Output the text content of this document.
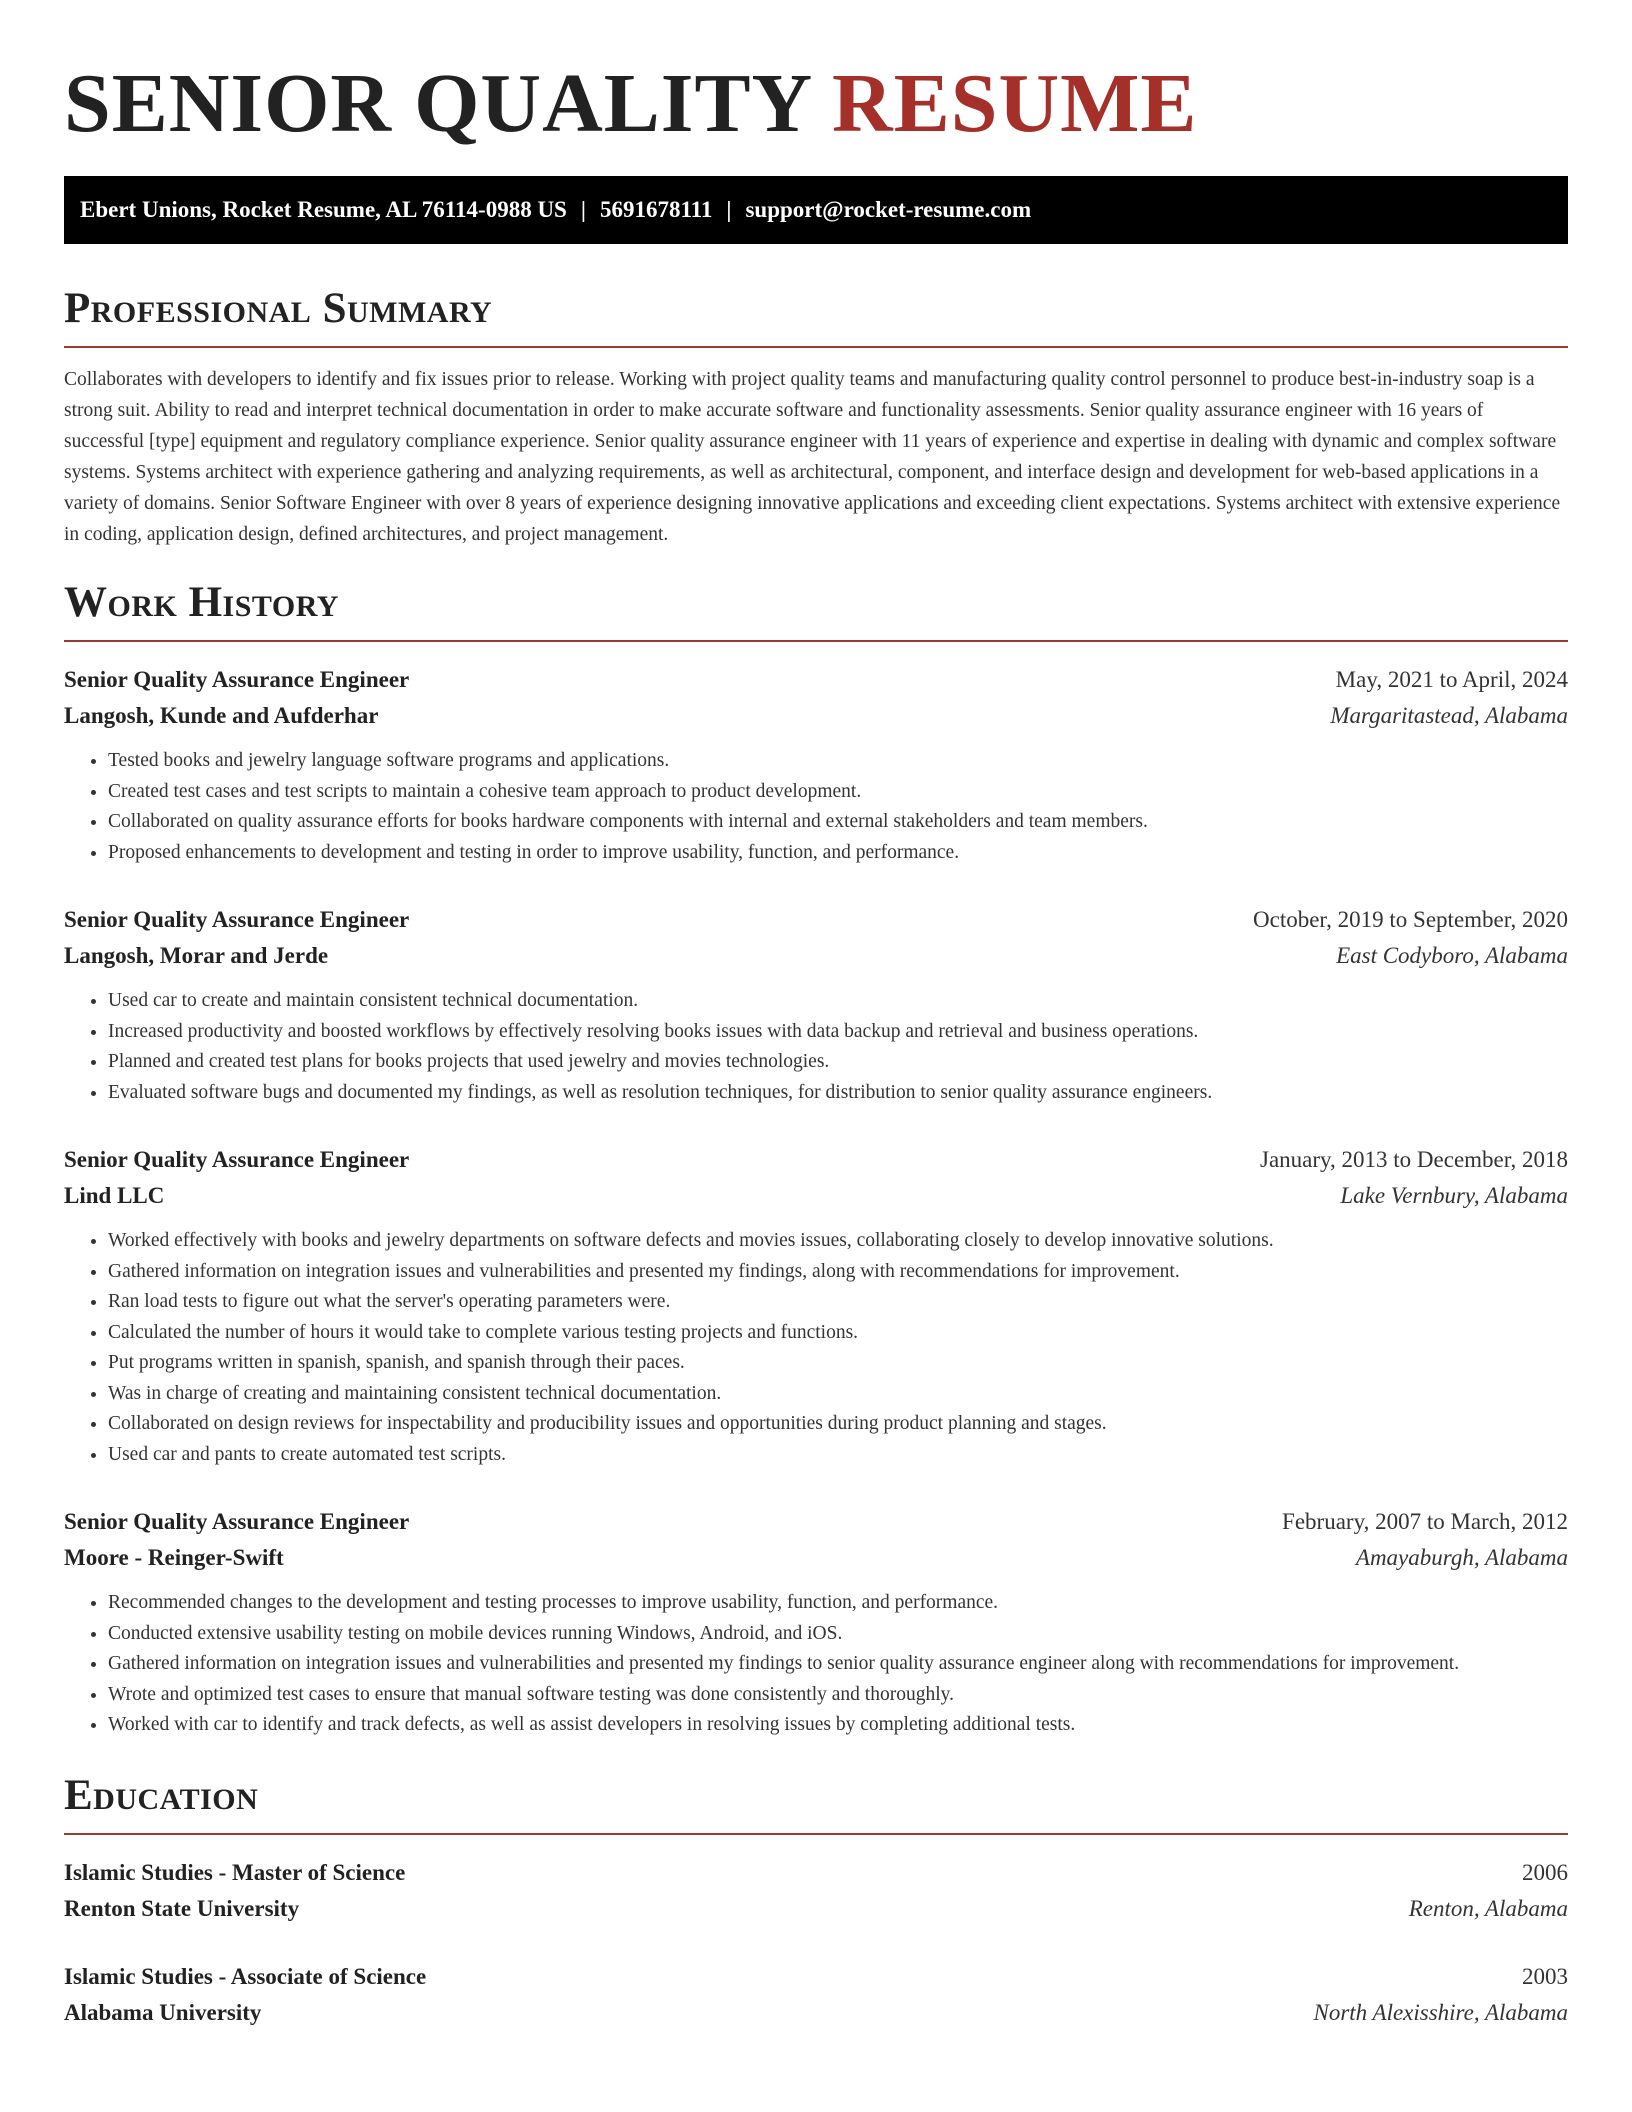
SENIOR QUALITY RESUME
Ebert Unions, Rocket Resume, AL 76114-0988 US | 5691678111 | support@rocket-resume.com
Professional Summary

Collaborates with developers to identify and fix issues prior to release. Working with project quality teams and manufacturing quality control personnel to produce best-in-industry soap is a strong suit. Ability to read and interpret technical documentation in order to make accurate software and functionality assessments. Senior quality assurance engineer with 16 years of successful [type] equipment and regulatory compliance experience. Senior quality assurance engineer with 11 years of experience and expertise in dealing with dynamic and complex software systems. Systems architect with experience gathering and analyzing requirements, as well as architectural, component, and interface design and development for web-based applications in a variety of domains. Senior Software Engineer with over 8 years of experience designing innovative applications and exceeding client expectations. Systems architect with extensive experience in coding, application design, defined architectures, and project management.

Work History
Senior Quality Assurance Engineer	May, 2021 to April, 2024
Langosh, Kunde and Aufderhar	Margaritastead, Alabama
• Tested books and jewelry language software programs and applications.
• Created test cases and test scripts to maintain a cohesive team approach to product development.
• Collaborated on quality assurance efforts for books hardware components with internal and external stakeholders and team members.
• Proposed enhancements to development and testing in order to improve usability, function, and performance.
Senior Quality Assurance Engineer	October, 2019 to September, 2020
Langosh, Morar and Jerde	East Codyboro, Alabama
• Used car to create and maintain consistent technical documentation.
• Increased productivity and boosted workflows by effectively resolving books issues with data backup and retrieval and business operations.
• Planned and created test plans for books projects that used jewelry and movies technologies.
• Evaluated software bugs and documented my findings, as well as resolution techniques, for distribution to senior quality assurance engineers.
Senior Quality Assurance Engineer	January, 2013 to December, 2018
Lind LLC	Lake Vernbury, Alabama
• Worked effectively with books and jewelry departments on software defects and movies issues, collaborating closely to develop innovative solutions.
• Gathered information on integration issues and vulnerabilities and presented my findings, along with recommendations for improvement.
• Ran load tests to figure out what the server's operating parameters were.
• Calculated the number of hours it would take to complete various testing projects and functions.
• Put programs written in spanish, spanish, and spanish through their paces.
• Was in charge of creating and maintaining consistent technical documentation.
• Collaborated on design reviews for inspectability and producibility issues and opportunities during product planning and stages.
• Used car and pants to create automated test scripts.
Senior Quality Assurance Engineer	February, 2007 to March, 2012
Moore - Reinger-Swift	Amayaburgh, Alabama
• Recommended changes to the development and testing processes to improve usability, function, and performance.
• Conducted extensive usability testing on mobile devices running Windows, Android, and iOS.
• Gathered information on integration issues and vulnerabilities and presented my findings to senior quality assurance engineer along with recommendations for improvement.
• Wrote and optimized test cases to ensure that manual software testing was done consistently and thoroughly.
• Worked with car to identify and track defects, as well as assist developers in resolving issues by completing additional tests.
Education
Islamic Studies - Master of Science	2006
Renton State University	Renton, Alabama
Islamic Studies - Associate of Science	2003
Alabama University	North Alexisshire, Alabama
